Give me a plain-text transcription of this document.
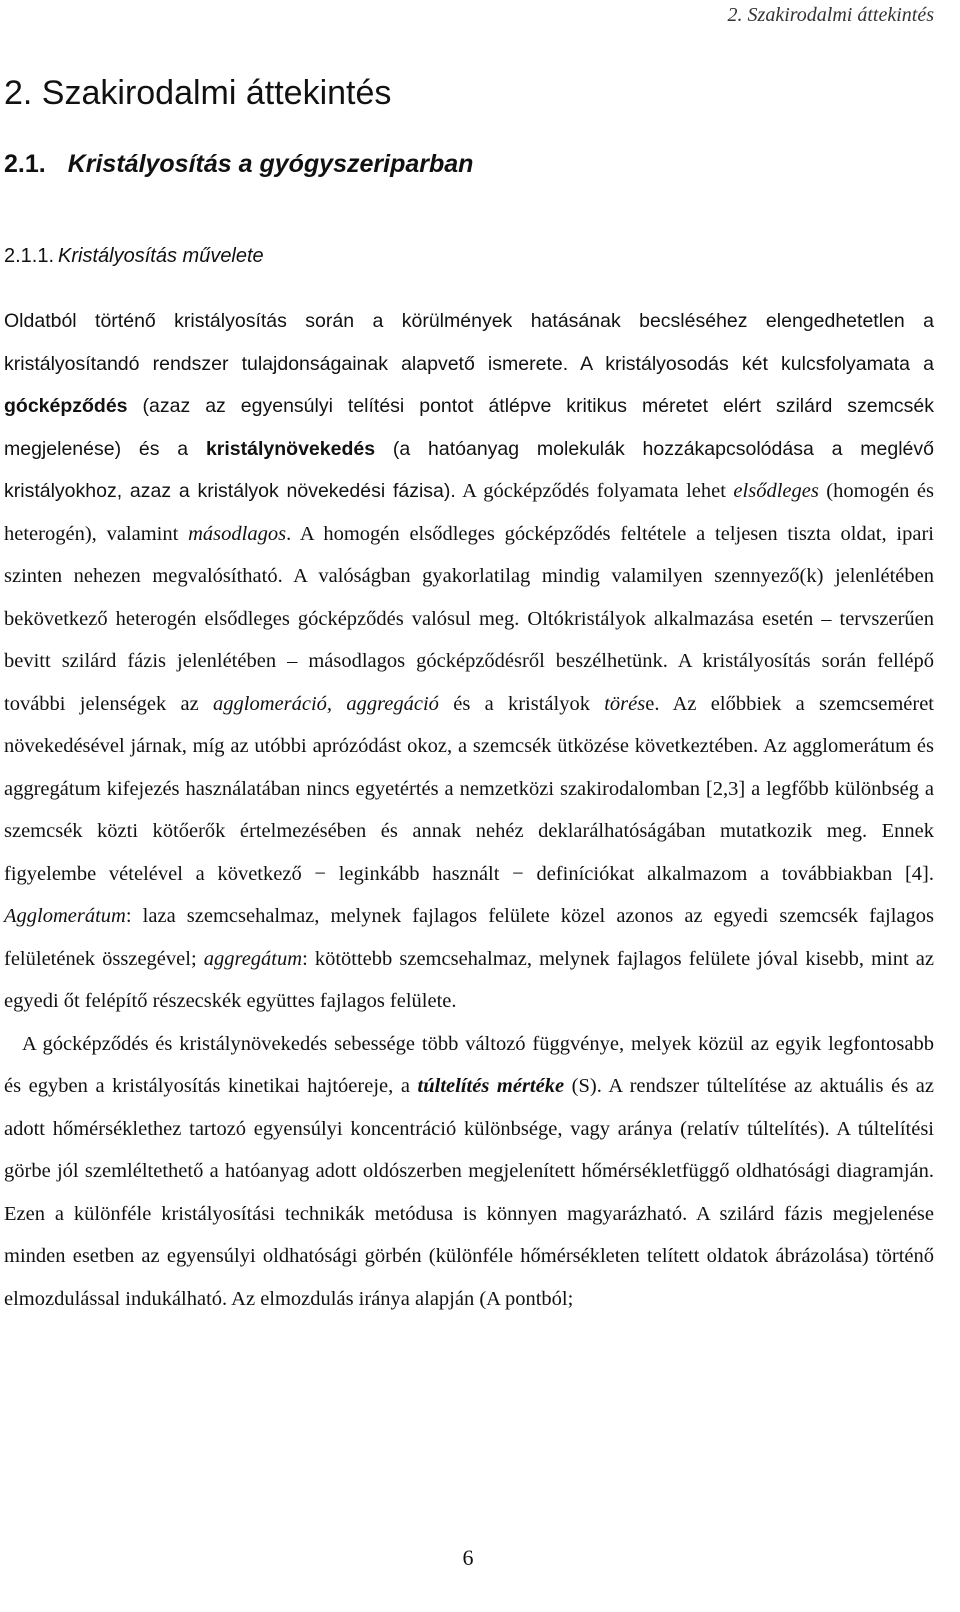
2. Szakirodalmi áttekintés
2. Szakirodalmi áttekintés
2.1. Kristályosítás a gyógyszeriparban
2.1.1. Kristályosítás művelete

Oldatból történő kristályosítás során a körülmények hatásának becsléséhez elengedhetetlen a kristályosítandó rendszer tulajdonságainak alapvető ismerete. A kristályosodás két kulcsfolyamata a gócképződés (azaz az egyensúlyi telítési pontot átlépve kritikus méretet elért szilárd szemcsék megjelenése) és a kristálynövekedés (a hatóanyag molekulák hozzákapcsolódása a meglévő kristályokhoz, azaz a kristályok növekedési fázisa). A gócképződés folyamata lehet elsődleges (homogén és heterogén), valamint másodlagos. A homogén elsődleges gócképződés feltétele a teljesen tiszta oldat, ipari szinten nehezen megvalósítható. A valóságban gyakorlatilag mindig valamilyen szennyező(k) jelenlétében bekövetkező heterogén elsődleges gócképződés valósul meg. Oltókristályok alkalmazása esetén – tervszerűen bevitt szilárd fázis jelenlétében – másodlagos gócképződésről beszélhetünk. A kristályosítás során fellépő további jelenségek az agglomeráció, aggregáció és a kristályok törése. Az előbbiek a szemcseméret növekedésével járnak, míg az utóbbi aprózódást okoz, a szemcsék ütközése következtében. Az agglomerátum és aggregátum kifejezés használatában nincs egyetértés a nemzetközi szakirodalomban [2,3] a legfőbb különbség a szemcsék közti kötőerők értelmezésében és annak nehéz deklarálhatóságában mutatkozik meg. Ennek figyelembe vételével a következő − leginkább használt − definíciókat alkalmazom a továbbiakban [4]. Agglomerátum: laza szemcsehalmaz, melynek fajlagos felülete közel azonos az egyedi szemcsék fajlagos felületének összegével; aggregátum: kötöttebb szemcsehalmaz, melynek fajlagos felülete jóval kisebb, mint az egyedi őt felépítő részecskék együttes fajlagos felülete.

A gócképződés és kristálynövekedés sebessége több változó függvénye, melyek közül az egyik legfontosabb és egyben a kristályosítás kinetikai hajtóereje, a túltelítés mértéke (S). A rendszer túltelítése az aktuális és az adott hőmérséklethez tartozó egyensúlyi koncentráció különbsége, vagy aránya (relatív túltelítés). A túltelítési görbe jól szemléltethető a hatóanyag adott oldószerben megjelenített hőmérsékletfüggő oldhatósági diagramján. Ezen a különféle kristályosítási technikák metódusa is könnyen magyarázható. A szilárd fázis megjelenése minden esetben az egyensúlyi oldhatósági görbén (különféle hőmérsékleten telített oldatok ábrázolása) történő elmozdulással indukálható. Az elmozdulás iránya alapján (A pontból;

6
